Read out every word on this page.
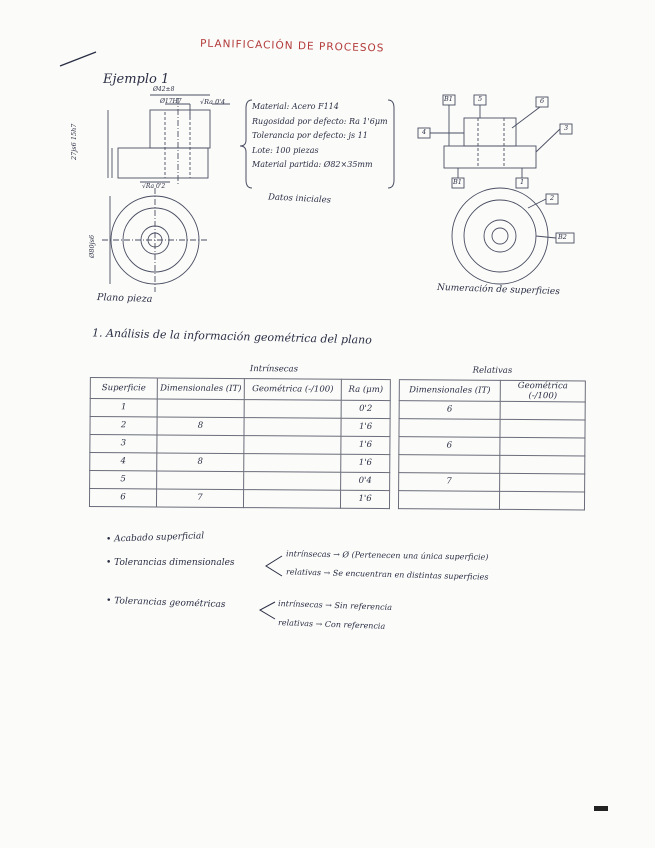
PLANIFICACIÓN DE PROCESOS
Ejemplo 1
Ø42±8
Ø17H7	√Ra 0'4
√Ra 0'2
27js6 15h7
Ø80js6
Plano pieza
Material: Acero F114
Rugosidad por defecto: Ra 1'6μm
Tolerancia por defecto: js 11
Lote: 100 piezas
Material partida: Ø82×35mm
Datos iniciales
B1	5	6
4	3
B1	1
2
B2
Numeración de superficies
1. Análisis de la información geométrica del plano
	Intrínsecas				Relativas	
Superficie	Dimensionales (IT)	Geométrica (-/100)	Ra (μm)		Dimensionales (IT)	Geométrica (-/100)
1			0'2		6	
2	8		1'6			
3			1'6		6	
4	8		1'6			
5			0'4		7	
6	7		1'6			
• Acabado superficial
• Tolerancias dimensionales
intrínsecas → Ø (Pertenecen una única superficie)
relativas → Se encuentran en distintas superficies
• Tolerancias geométricas	intrínsecas → Sin referencia
relativas → Con referencia
